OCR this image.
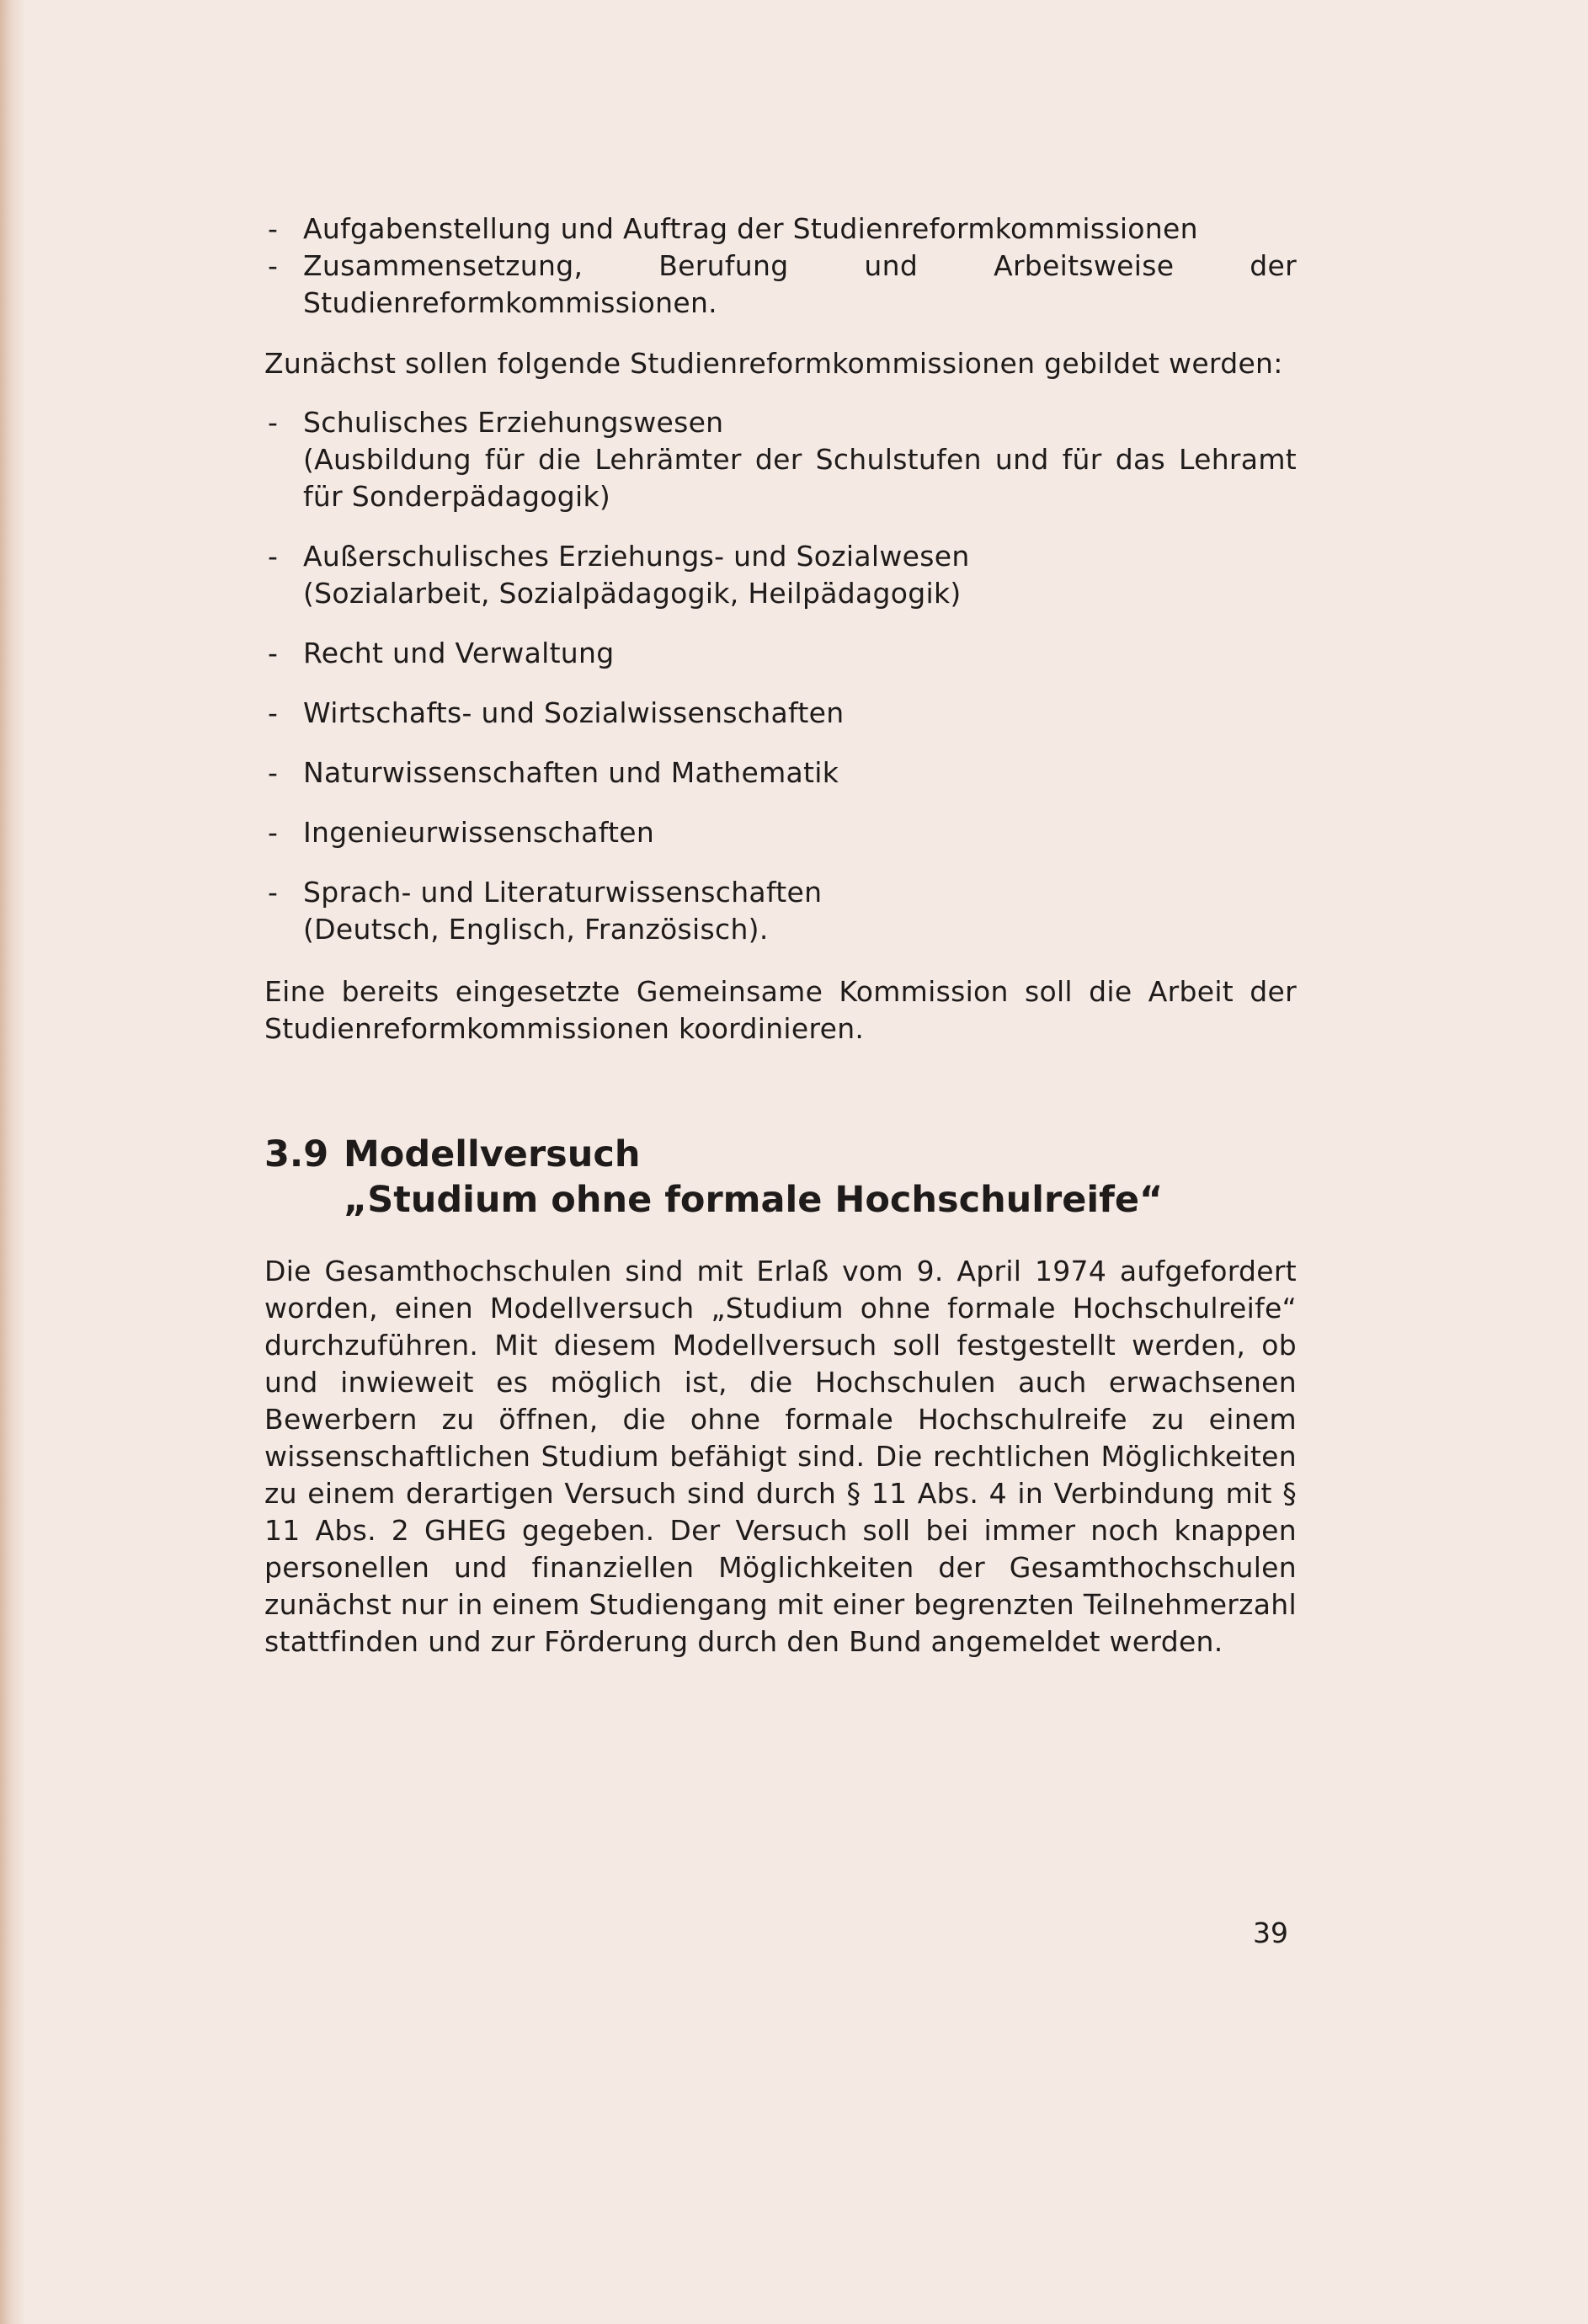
- Aufgabenstellung und Auftrag der Studienreformkommissionen
- Zusammensetzung, Berufung und Arbeitsweise der Studienreformkommissionen.

Zunächst sollen folgende Studienreformkommissionen gebildet werden:

- Schulisches Erziehungswesen
(Ausbildung für die Lehrämter der Schulstufen und für das Lehramt für Sonderpädagogik)
- Außerschulisches Erziehungs- und Sozialwesen
(Sozialarbeit, Sozialpädagogik, Heilpädagogik)
- Recht und Verwaltung
- Wirtschafts- und Sozialwissenschaften
- Naturwissenschaften und Mathematik
- Ingenieurwissenschaften
- Sprach- und Literaturwissenschaften
(Deutsch, Englisch, Französisch).

Eine bereits eingesetzte Gemeinsame Kommission soll die Arbeit der Studienreformkommissionen koordinieren.

3.9 Modellversuch
„Studium ohne formale Hochschulreife“

Die Gesamthochschulen sind mit Erlaß vom 9. April 1974 aufgefordert worden, einen Modellversuch „Studium ohne formale Hochschulreife“ durchzuführen. Mit diesem Modellversuch soll festgestellt werden, ob und inwieweit es möglich ist, die Hochschulen auch erwachsenen Bewerbern zu öffnen, die ohne formale Hochschulreife zu einem wissenschaftlichen Studium befähigt sind. Die rechtlichen Möglichkeiten zu einem derartigen Versuch sind durch § 11 Abs. 4 in Verbindung mit § 11 Abs. 2 GHEG gegeben. Der Versuch soll bei immer noch knappen personellen und finanziellen Möglichkeiten der Gesamthochschulen zunächst nur in einem Studiengang mit einer begrenzten Teilnehmerzahl stattfinden und zur Förderung durch den Bund angemeldet werden.

39
